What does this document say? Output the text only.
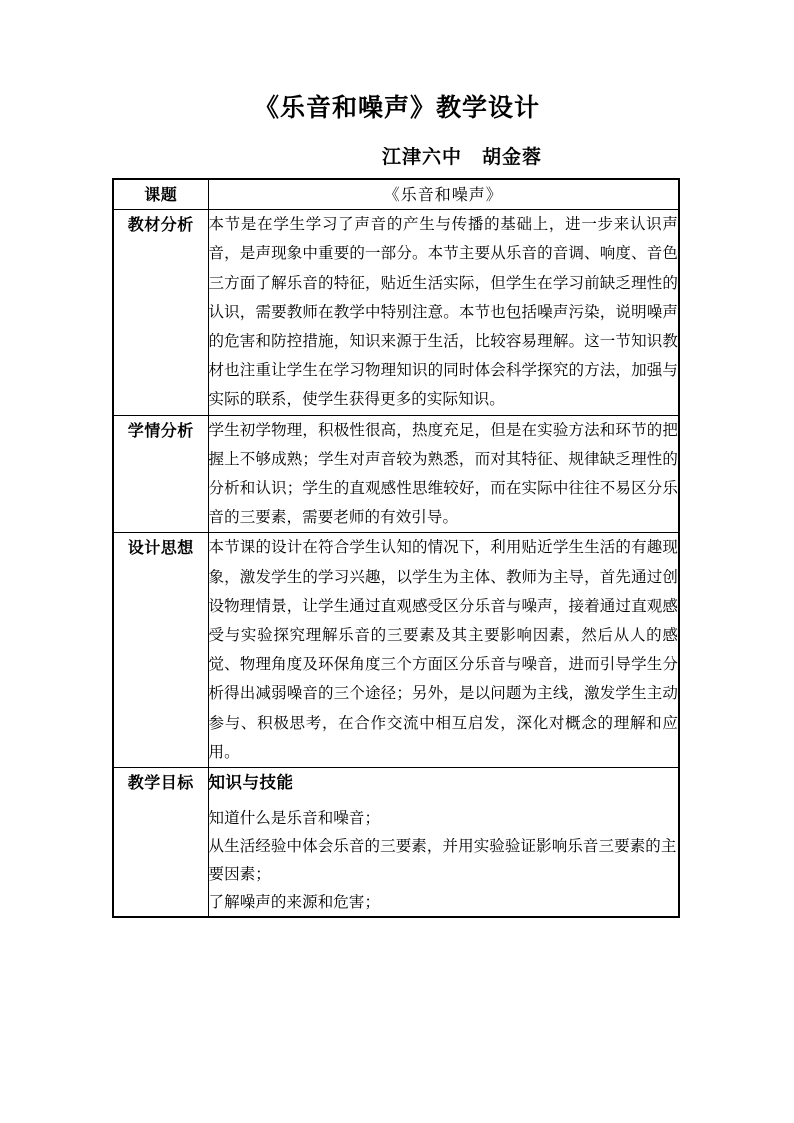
《乐音和噪声》教学设计
江津六中　胡金蓉
课题	《乐音和噪声》
教材分析	本节是在学生学习了声音的产生与传播的基础上，进一步来认识声音，是声现象中重要的一部分。本节主要从乐音的音调、响度、音色三方面了解乐音的特征，贴近生活实际，但学生在学习前缺乏理性的认识，需要教师在教学中特别注意。本节也包括噪声污染，说明噪声的危害和防控措施，知识来源于生活，比较容易理解。这一节知识教材也注重让学生在学习物理知识的同时体会科学探究的方法，加强与实际的联系，使学生获得更多的实际知识。
学情分析	学生初学物理，积极性很高，热度充足，但是在实验方法和环节的把握上不够成熟；学生对声音较为熟悉，而对其特征、规律缺乏理性的分析和认识；学生的直观感性思维较好，而在实际中往往不易区分乐音的三要素，需要老师的有效引导。
设计思想	本节课的设计在符合学生认知的情况下，利用贴近学生生活的有趣现象，激发学生的学习兴趣，以学生为主体、教师为主导，首先通过创设物理情景，让学生通过直观感受区分乐音与噪声，接着通过直观感受与实验探究理解乐音的三要素及其主要影响因素，然后从人的感觉、物理角度及环保角度三个方面区分乐音与噪音，进而引导学生分析得出减弱噪音的三个途径；另外，是以问题为主线，激发学生主动参与、积极思考，在合作交流中相互启发，深化对概念的理解和应用。
教学目标	知识与技能
知道什么是乐音和噪音；
从生活经验中体会乐音的三要素，并用实验验证影响乐音三要素的主要因素；
了解噪声的来源和危害；
